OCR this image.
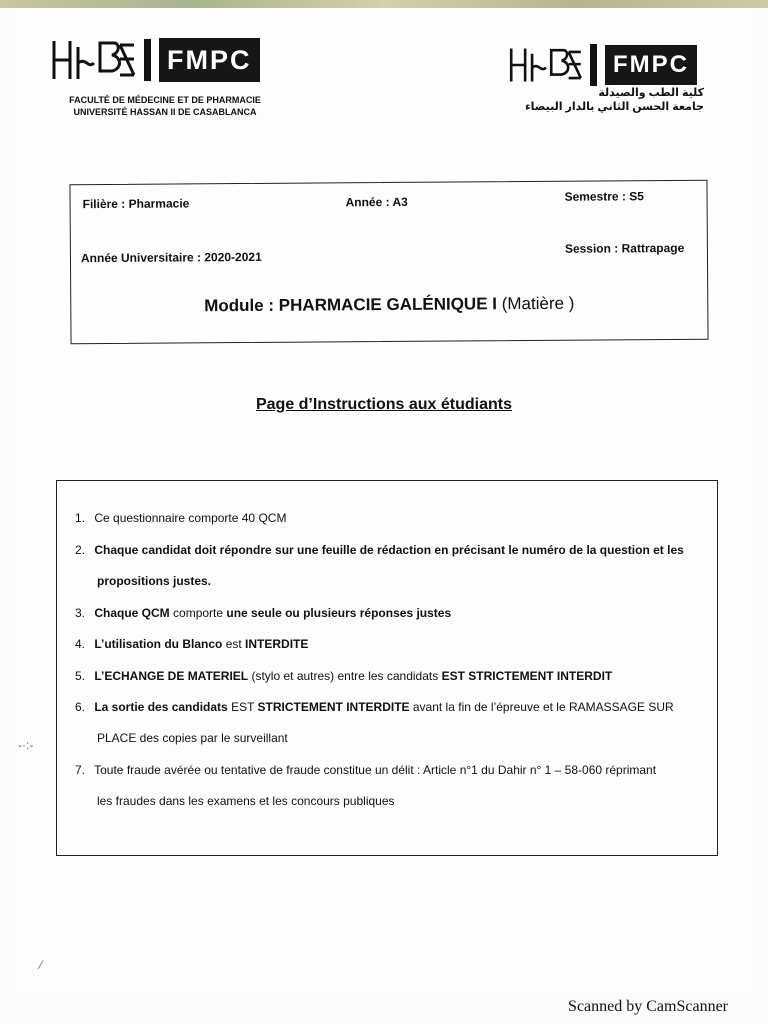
FMPC
FACULTÉ DE MÉDECINE ET DE PHARMACIE
UNIVERSITÉ HASSAN II DE CASABLANCA
FMPC
كلية الطب والصيدلة
جامعة الحسن الثاني بالدار البيضاء
Filière : Pharmacie	Année : A3	Semestre : S5
Année Universitaire : 2020-2021
Session : Rattrapage
Module : PHARMACIE GALÉNIQUE I (Matière )
Page d’Instructions aux étudiants
1. Ce questionnaire comporte 40 QCM
2. Chaque candidat doit répondre sur une feuille de rédaction en précisant le numéro de la question et les
propositions justes.
3. Chaque QCM comporte une seule ou plusieurs réponses justes
4. L’utilisation du Blanco est INTERDITE
5. L’ECHANGE DE MATERIEL (stylo et autres) entre les candidats EST STRICTEMENT INTERDIT
6. La sortie des candidats EST STRICTEMENT INTERDITE avant la fin de l’épreuve et le RAMASSAGE SUR
PLACE des copies par le surveillant
7. Toute fraude avérée ou tentative de fraude constitue un délit : Article n°1 du Dahir n° 1 – 58-060 réprimant
les fraudes dans les examens et les concours publiques
-·:-
⁄
Scanned by CamScanner
